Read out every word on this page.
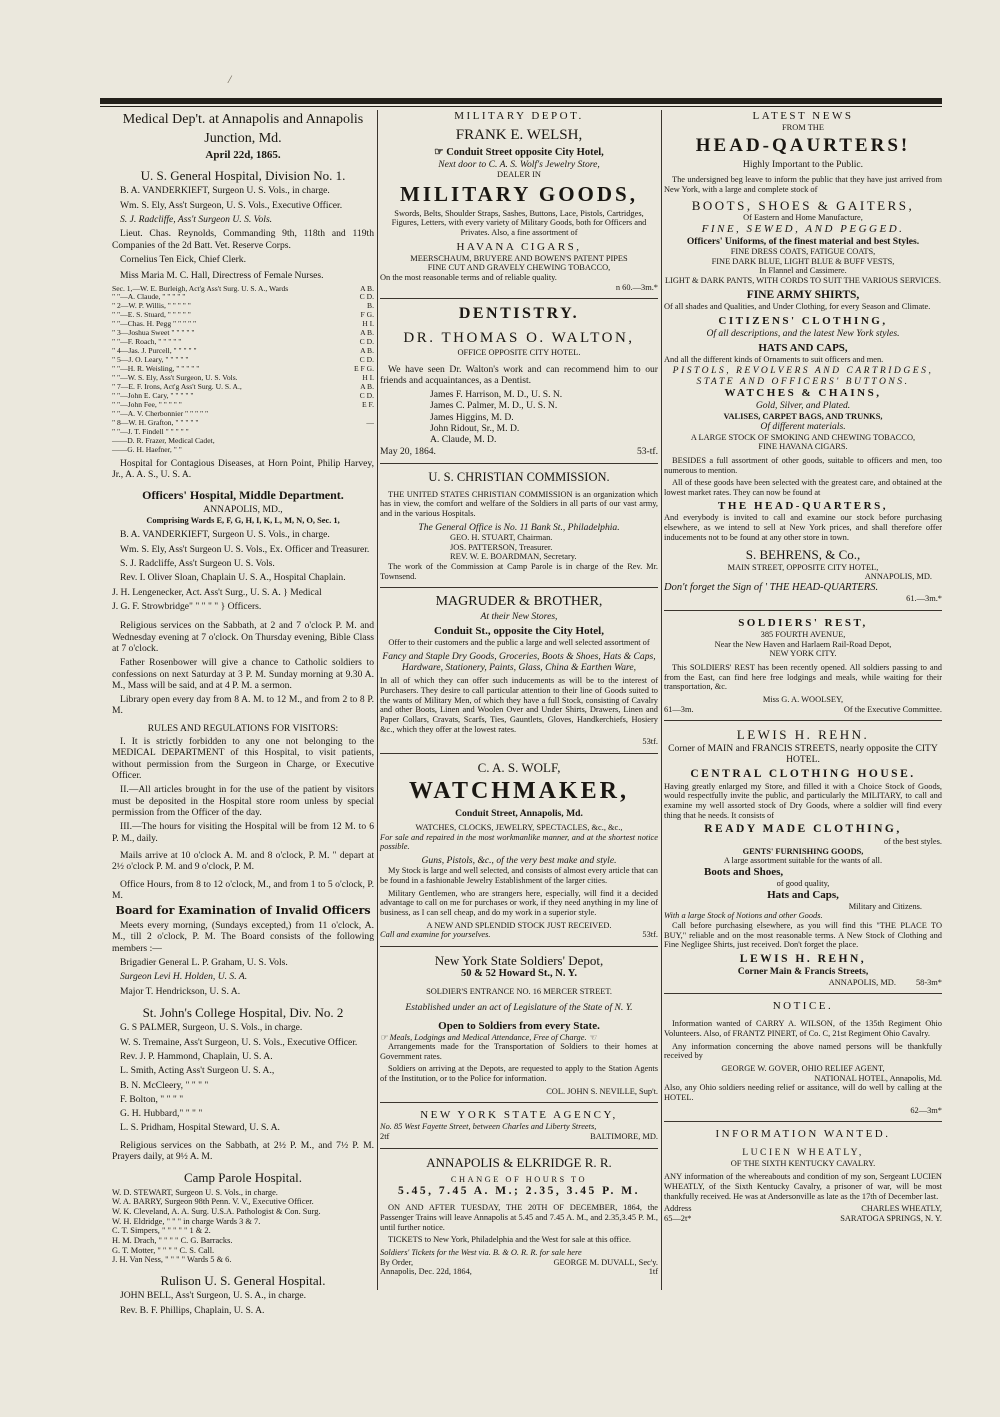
/
Medical Dep't. at Annapolis and Annapolis
Junction, Md.
April 22d, 1865.
U. S. General Hospital, Division No. 1.

B. A. VANDERKIEFT, Surgeon U. S. Vols., in charge.

Wm. S. Ely, Ass't Surgeon, U. S. Vols., Executive Officer.

S. J. Radcliffe, Ass't Surgeon U. S. Vols.

Lieut. Chas. Reynolds, Commanding 9th, 118th and 119th Companies of the 2d Batt. Vet. Reserve Corps.

Cornelius Ten Eick, Chief Clerk.

Miss Maria M. C. Hall, Directress of Female Nurses.

Sec. 1,—W. E. Burleigh, Act'g Ass't Surg. U. S. A., Wards	A B.
" "—A. Claude, " " " " "	C D.
" 2—W. P. Willis, " " " " "	B.
" "—E. S. Stuard, " " " " "	F G.
" "—Chas. H. Pegg " " " " "	H I.
" 3—Joshua Sweet " " " " "	A B.
" "—F. Roach, " " " " "	C D.
" 4—Jas. J. Purcell, " " " " "	A B.
" 5—J. O. Leary, " " " " "	C D.
" "—H. R. Weisling, " " " " "	E F G.
" "—W. S. Ely, Ass't Surgeon, U. S. Vols.	H I.
" 7—E. F. Irons, Act'g Ass't Surg. U. S. A.,	A B.
" "—John E. Cary, " " " " "	C D.
" "—John Fee, " " " " "	E F.
" "—A. V. Cherbonnier " " " " "
" 8—W. H. Grafton, " " " " "	—
" "—J. T. Findell " " " " "
——D. R. Frazer, Medical Cadet,
——G. H. Haefner, " "

Hospital for Contagious Diseases, at Horn Point, Philip Harvey, Jr., A. A. S., U. S. A.

Officers' Hospital, Middle Department.
ANNAPOLIS, MD.,
Comprising Wards E, F, G, H, I, K, L, M, N, O, Sec. 1,

B. A. VANDERKIEFT, Surgeon U. S. Vols., in charge.

Wm. S. Ely, Ass't Surgeon U. S. Vols., Ex. Officer and Treasurer.

S. J. Radcliffe, Ass't Surgeon U. S. Vols.

Rev. I. Oliver Sloan, Chaplain U. S. A., Hospital Chaplain.

J. H. Lengenecker, Act. Ass't Surg., U. S. A. } Medical

J. G. F. Strowbridge" " " " " } Officers.

Religious services on the Sabbath, at 2 and 7 o'clock P. M. and Wednesday evening at 7 o'clock. On Thursday evening, Bible Class at 7 o'clock.

Father Rosenbower will give a chance to Catholic soldiers to confessions on next Saturday at 3 P. M. Sunday morning at 9.30 A. M., Mass will be said, and at 4 P. M. a sermon.

Library open every day from 8 A. M. to 12 M., and from 2 to 8 P. M.

RULES AND REGULATIONS FOR VISITORS:

I. It is strictly forbidden to any one not belonging to the MEDICAL DEPARTMENT of this Hospital, to visit patients, without permission from the Surgeon in Charge, or Executive Officer.

II.—All articles brought in for the use of the patient by visitors must be deposited in the Hospital store room unless by special permission from the Officer of the day.

III.—The hours for visiting the Hospital will be from 12 M. to 6 P. M., daily.

Mails arrive at 10 o'clock A. M. and 8 o'clock, P. M. " depart at 2½ o'clock P. M. and 9 o'clock, P. M.

Office Hours, from 8 to 12 o'clock, M., and from 1 to 5 o'clock, P. M.

Board for Examination of Invalid Officers

Meets every morning, (Sundays excepted,) from 11 o'clock, A. M., till 2 o'clock, P. M. The Board consists of the following members :—

Brigadier General L. P. Graham, U. S. Vols.

Surgeon Levi H. Holden, U. S. A.

Major T. Hendrickson, U. S. A.

St. John's College Hospital, Div. No. 2

G. S PALMER, Surgeon, U. S. Vols., in charge.

W. S. Tremaine, Ass't Surgeon, U. S. Vols., Executive Officer.

Rev. J. P. Hammond, Chaplain, U. S. A.

L. Smith, Acting Ass't Surgeon U. S. A.,

B. N. McCleery, " " " "

F. Bolton, " " " "

G. H. Hubbard," " " "

L. S. Pridham, Hospital Steward, U. S. A.

Religious services on the Sabbath, at 2½ P. M., and 7½ P. M. Prayers daily, at 9½ A. M.

Camp Parole Hospital.
W. D. STEWART, Surgeon U. S. Vols., in charge.
W. A. BARRY, Surgeon 98th Penn. V. V., Executive Officer.
W. K. Cleveland, A. A. Surg. U.S.A. Pathologist & Con. Surg.
W. H. Eldridge, " " " in charge Wards 3 & 7.
C. T. Simpers, " " " " " 1 & 2.
H. M. Drach, " " " " C. G. Barracks.
G. T. Motter, " " " " C. S. Call.
J. H. Van Ness, " " " " Wards 5 & 6.
Rulison U. S. General Hospital.

JOHN BELL, Ass't Surgeon, U. S. A., in charge.

Rev. B. F. Phillips, Chaplain, U. S. A.

MILITARY DEPOT.
FRANK E. WELSH,
☞ Conduit Street opposite City Hotel,
Next door to C. A. S. Wolf's Jewelry Store,
DEALER IN
MILITARY GOODS,

Swords, Belts, Shoulder Straps, Sashes, Buttons, Lace, Pistols, Cartridges, Figures, Letters, with every variety of Military Goods, both for Officers and Privates. Also, a fine assortment of

HAVANA CIGARS,
MEERSCHAUM, BRUYERE AND BOWEN'S PATENT PIPES
FINE CUT AND GRAVELY CHEWING TOBACCO,
On the most reasonable terms and of reliable quality.
n 60.—3m.*
DENTISTRY.
DR. THOMAS O. WALTON,
OFFICE OPPOSITE CITY HOTEL.

We have seen Dr. Walton's work and can recommend him to our friends and acquaintances, as a Dentist.

James F. Harrison, M. D., U. S. N.
James C. Palmer, M. D., U. S. N.
James Higgins, M. D.
John Ridout, Sr., M. D.
A. Claude, M. D.
May 20, 1864.	53-tf.
U. S. CHRISTIAN COMMISSION.

THE UNITED STATES CHRISTIAN COMMISSION is an organization which has in view, the comfort and welfare of the Soldiers in all parts of our vast army, and in the various Hospitals.

The General Office is No. 11 Bank St., Philadelphia.
GEO. H. STUART, Chairman.
JOS. PATTERSON, Treasurer.
REV. W. E. BOARDMAN, Secretary.

The work of the Commission at Camp Parole is in charge of the Rev. Mr. Townsend.

MAGRUDER & BROTHER,
At their New Stores,
Conduit St., opposite the City Hotel,

Offer to their customers and the public a large and well selected assortment of

Fancy and Staple Dry Goods, Groceries, Boots & Shoes, Hats & Caps, Hardware, Stationery, Paints, Glass, China & Earthen Ware,

In all of which they can offer such inducements as will be to the interest of Purchasers. They desire to call particular attention to their line of Goods suited to the wants of Military Men, of which they have a full Stock, consisting of Cavalry and other Boots, Linen and Woolen Over and Under Shirts, Drawers, Linen and Paper Collars, Cravats, Scarfs, Ties, Gauntlets, Gloves, Handkerchiefs, Hosiery &c., which they offer at the lowest rates.

53tf.
C. A. S. WOLF,
WATCHMAKER,
Conduit Street, Annapolis, Md.
WATCHES, CLOCKS, JEWELRY, SPECTACLES, &c., &c.,

For sale and repaired in the most workmanlike manner, and at the shortest notice possible.

Guns, Pistols, &c., of the very best make and style.

My Stock is large and well selected, and consists of almost every article that can be found in a fashionable Jewelry Establishment of the larger cities.

Military Gentlemen, who are strangers here, especially, will find it a decided advantage to call on me for purchases or work, if they need anything in my line of business, as I can sell cheap, and do my work in a superior style.

A NEW AND SPLENDID STOCK JUST RECEIVED.
Call and examine for yourselves.	53tf.
New York State Soldiers' Depot,
50 & 52 Howard St., N. Y.
SOLDIER'S ENTRANCE NO. 16 MERCER STREET.
Established under an act of Legislature of the State of N. Y.
Open to Soldiers from every State.
☞ Meals, Lodgings and Medical Attendance, Free of Charge. ☜

Arrangements made for the Transportation of Soldiers to their homes at Government rates.

Soldiers on arriving at the Depots, are requested to apply to the Station Agents of the Institution, or to the Police for information.

COL. JOHN S. NEVILLE, Sup't.
NEW YORK STATE AGENCY,
No. 85 West Fayette Street, between Charles and Liberty Streets,
2tf	BALTIMORE, MD.
ANNAPOLIS & ELKRIDGE R. R.
CHANGE OF HOURS TO
5.45, 7.45 A. M.; 2.35, 3.45 P. M.

ON AND AFTER TUESDAY, THE 20TH OF DECEMBER, 1864, the Passenger Trains will leave Annapolis at 5.45 and 7.45 A. M., and 2.35,3.45 P. M., until further notice.

TICKETS to New York, Philadelphia and the West for sale at this office.

Soldiers' Tickets for the West via. B. & O. R. R. for sale here
By Order,	GEORGE M. DUVALL, Sec'y.
Annapolis, Dec. 22d, 1864,	1tf
LATEST NEWS
FROM THE
HEAD-QAURTERS!
Highly Important to the Public.

The undersigned beg leave to inform the public that they have just arrived from New York, with a large and complete stock of

BOOTS, SHOES & GAITERS,
Of Eastern and Home Manufacture,
FINE, SEWED, AND PEGGED.
Officers' Uniforms, of the finest material and best Styles.
FINE DRESS COATS, FATIGUE COATS,
FINE DARK BLUE, LIGHT BLUE & BUFF VESTS,
In Flannel and Cassimere.
LIGHT & DARK PANTS, WITH CORDS TO SUIT THE VARIOUS SERVICES.
FINE ARMY SHIRTS,
Of all shades and Qualities, and Under Clothing, for every Season and Climate.
CITIZENS' CLOTHING,
Of all descriptions, and the latest New York styles.
HATS AND CAPS,
And all the different kinds of Ornaments to suit officers and men.
PISTOLS, REVOLVERS AND CARTRIDGES,
STATE AND OFFICERS' BUTTONS.
WATCHES & CHAINS,
Gold, Silver, and Plated.
VALISES, CARPET BAGS, AND TRUNKS,
Of different materials.
A LARGE STOCK OF SMOKING AND CHEWING TOBACCO,
FINE HAVANA CIGARS.

BESIDES a full assortment of other goods, suitable to officers and men, too numerous to mention.

All of these goods have been selected with the greatest care, and obtained at the lowest market rates. They can now be found at

THE HEAD-QUARTERS,

And everybody is invited to call and examine our stock before purchasing elsewhere, as we intend to sell at New York prices, and shall therefore offer inducements not to be found at any other store in town.

S. BEHRENS, & Co.,
MAIN STREET, OPPOSITE CITY HOTEL,
ANNAPOLIS, MD.
Don't forget the Sign of ' THE HEAD-QUARTERS.
61.—3m.*
SOLDIERS' REST,
385 FOURTH AVENUE,
Near the New Haven and Harlaem Rail-Road Depot,
NEW YORK CITY.

This SOLDIERS' REST has been recently opened. All soldiers passing to and from the East, can find here free lodgings and meals, while waiting for their transportation, &c.

Miss G. A. WOOLSEY,
61—3m.	Of the Executive Committee.
LEWIS H. REHN.
Corner of MAIN and FRANCIS STREETS, nearly opposite the CITY HOTEL.
CENTRAL CLOTHING HOUSE.

Having greatly enlarged my Store, and filled it with a Choice Stock of Goods, would respectfully invite the public, and particularly the MILITARY, to call and examine my well assorted stock of Dry Goods, where a soldier will find every thing that he needs. It consists of

READY MADE CLOTHING,
of the best styles.
GENTS' FURNISHING GOODS,
A large assortment suitable for the wants of all.
Boots and Shoes,
of good quality,
Hats and Caps,
Military and Citizens.
With a large Stock of Notions and other Goods.

Call before purchasing elsewhere, as you will find this "THE PLACE TO BUY," reliable and on the most reasonable terms. A New Stock of Clothing and Fine Negligee Shirts, just received. Don't forget the place.

LEWIS H. REHN,
Corner Main & Francis Streets,
ANNAPOLIS, MD. 58-3m*
NOTICE.

Information wanted of CARRY A. WILSON, of the 135th Regiment Ohio Volunteers. Also, of FRANTZ PINERT, of Co. C, 21st Regiment Ohio Cavalry.

Any information concerning the above named persons will be thankfully received by

GEORGE W. GOVER, OHIO RELIEF AGENT,
NATIONAL HOTEL, Annapolis, Md.

Also, any Ohio soldiers needing relief or assitance, will do well by calling at the HOTEL.

62—3m*
INFORMATION WANTED.
LUCIEN WHEATLY,
OF THE SIXTH KENTUCKY CAVALRY.

ANY information of the whereabouts and condition of my son, Sergeant LUCIEN WHEATLY, of the Sixth Kentucky Cavalry, a prisoner of war, will be most thankfully received. He was at Andersonville as late as the 17th of December last.

Address	CHARLES WHEATLY,
65—2t*	SARATOGA SPRINGS, N. Y.
